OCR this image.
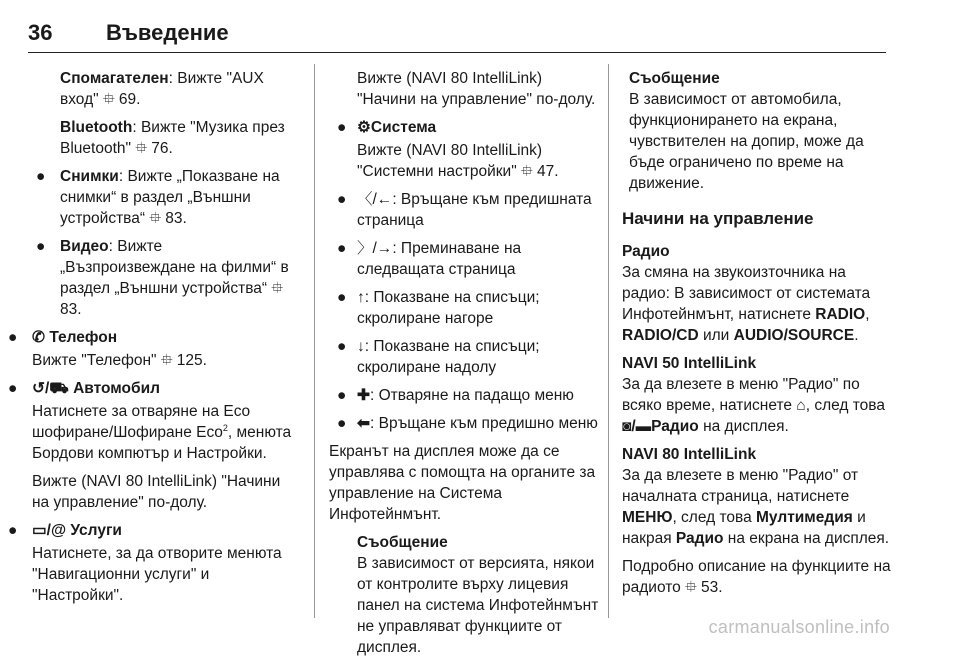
36 Въведение

Спомагателен: Вижте "AUX вход" ⯐ 69.

Bluetooth: Вижте "Музика през Bluetooth" ⯐ 76.

● Снимки: Вижте „Показване на снимки“ в раздел „Външни устройства“ ⯐ 83.
● Видео: Вижте „Възпроизвеждане на филми“ в раздел „Външни устройства“ ⯐ 83.
● ✆ Телефон

Вижте "Телефон" ⯐ 125.

● ↺/⛟ Автомобил

Натиснете за отваряне на Eco шофиране/Шофиране Eco$^2$, менюта Бордови компютър и Настройки.

Вижте (NAVI 80 IntelliLink) "Начини на управление" по-долу.

● ▭/@ Услуги

Натиснете, за да отворите менюта "Навигационни услуги" и "Настройки".

Вижте (NAVI 80 IntelliLink) "Начини на управление" по-долу.

● ⚙Система

Вижте (NAVI 80 IntelliLink) "Системни настройки" ⯐ 47.

● 〈/←: Връщане към предишната страница
● 〉/→: Преминаване на следващата страница
● ↑: Показване на списъци; скролиране нагоре
● ↓: Показване на списъци; скролиране надолу
● ✚: Отваряне на падащо меню
● ⬅: Връщане към предишно меню

Екранът на дисплея може да се управлява с помощта на органите за управление на Система Инфотейнмънт.

Съобщение

В зависимост от версията, някои от контролите върху лицевия панел на система Инфотейнмънт не управляват функциите от дисплея.

Съобщение

В зависимост от автомобила, функционирането на екрана, чувствителен на допир, може да бъде ограничено по време на движение.

Начини на управление

Радио

За смяна на звукоизточника на радио: В зависимост от системата Инфотейнмънт, натиснете RADIO, RADIO/CD или AUDIO/SOURCE.

NAVI 50 IntelliLink

За да влезете в меню "Радио" по всяко време, натиснете ⌂, след това ◙/▬Радио на дисплея.

NAVI 80 IntelliLink

За да влезете в меню "Радио" от началната страница, натиснете МЕНЮ, след това Мултимедия и накрая Радио на екрана на дисплея.

Подробно описание на функциите на радиото ⯐ 53.

carmanualsonline.info
